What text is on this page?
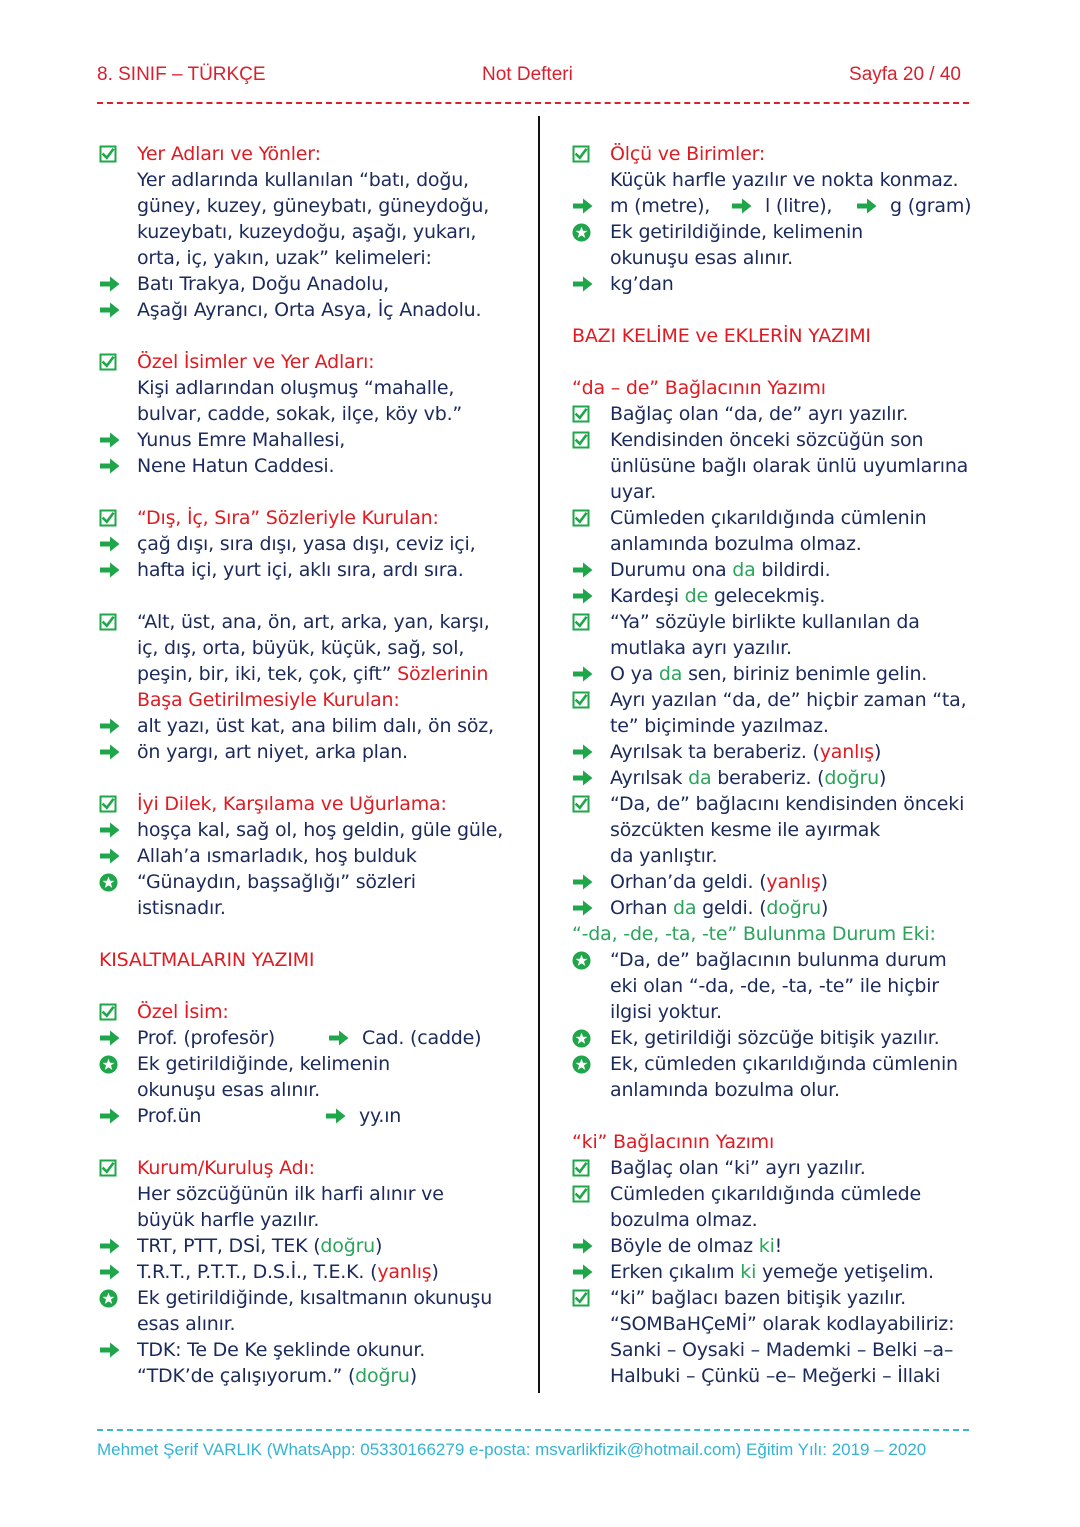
8. SINIF – TÜRKÇE	Not Defteri	Sayfa 20 / 40
Yer Adları ve Yönler:
Yer adlarında kullanılan “batı, doğu,
güney, kuzey, güneybatı, güneydoğu,
kuzeybatı, kuzeydoğu, aşağı, yukarı,
orta, iç, yakın, uzak” kelimeleri:
Batı Trakya, Doğu Anadolu,
Aşağı Ayrancı, Orta Asya, İç Anadolu.
Özel İsimler ve Yer Adları:
Kişi adlarından oluşmuş “mahalle,
bulvar, cadde, sokak, ilçe, köy vb.”
Yunus Emre Mahallesi,
Nene Hatun Caddesi.
“Dış, İç, Sıra” Sözleriyle Kurulan:
çağ dışı, sıra dışı, yasa dışı, ceviz içi,
hafta içi, yurt içi, aklı sıra, ardı sıra.
“Alt, üst, ana, ön, art, arka, yan, karşı,
iç, dış, orta, büyük, küçük, sağ, sol,
peşin, bir, iki, tek, çok, çift” Sözlerinin
Başa Getirilmesiyle Kurulan:
alt yazı, üst kat, ana bilim dalı, ön söz,
ön yargı, art niyet, arka plan.
İyi Dilek, Karşılama ve Uğurlama:
hoşça kal, sağ ol, hoş geldin, güle güle,
Allah’a ısmarladık, hoş bulduk
“Günaydın, başsağlığı” sözleri
istisnadır.
KISALTMALARIN YAZIMI
Özel İsim:
Prof. (profesör)	Cad. (cadde)
Ek getirildiğinde, kelimenin
okunuşu esas alınır.
Prof.ün	yy.ın
Kurum/Kuruluş Adı:
Her sözcüğünün ilk harfi alınır ve
büyük harfle yazılır.
TRT, PTT, DSİ, TEK (doğru)
T.R.T., P.T.T., D.S.İ., T.E.K. (yanlış)
Ek getirildiğinde, kısaltmanın okunuşu
esas alınır.
TDK: Te De Ke şeklinde okunur.
“TDK’de çalışıyorum.” (doğru)
Ölçü ve Birimler:
Küçük harfle yazılır ve nokta konmaz.
m (metre),	l (litre),	g (gram)
Ek getirildiğinde, kelimenin
okunuşu esas alınır.
kg’dan
BAZI KELİME ve EKLERİN YAZIMI
“da – de” Bağlacının Yazımı
Bağlaç olan “da, de” ayrı yazılır.
Kendisinden önceki sözcüğün son
ünlüsüne bağlı olarak ünlü uyumlarına
uyar.
Cümleden çıkarıldığında cümlenin
anlamında bozulma olmaz.
Durumu ona da bildirdi.
Kardeşi de gelecekmiş.
“Ya” sözüyle birlikte kullanılan da
mutlaka ayrı yazılır.
O ya da sen, biriniz benimle gelin.
Ayrı yazılan “da, de” hiçbir zaman “ta,
te” biçiminde yazılmaz.
Ayrılsak ta beraberiz. (yanlış)
Ayrılsak da beraberiz. (doğru)
“Da, de” bağlacını kendisinden önceki
sözcükten kesme ile ayırmak
da yanlıştır.
Orhan’da geldi. (yanlış)
Orhan da geldi. (doğru)
“-da, -de, -ta, -te” Bulunma Durum Eki:
“Da, de” bağlacının bulunma durum
eki olan “-da, -de, -ta, -te” ile hiçbir
ilgisi yoktur.
Ek, getirildiği sözcüğe bitişik yazılır.
Ek, cümleden çıkarıldığında cümlenin
anlamında bozulma olur.
“ki” Bağlacının Yazımı
Bağlaç olan “ki” ayrı yazılır.
Cümleden çıkarıldığında cümlede
bozulma olmaz.
Böyle de olmaz ki!
Erken çıkalım ki yemeğe yetişelim.
“ki” bağlacı bazen bitişik yazılır.
“SOMBaHÇeMİ” olarak kodlayabiliriz:
Sanki – Oysaki – Mademki – Belki –a–
Halbuki – Çünkü –e– Meğerki – İllaki
Mehmet Şerif VARLIK (WhatsApp: 05330166279 e-posta: msvarlikfizik@hotmail.com) Eğitim Yılı: 2019 – 2020
